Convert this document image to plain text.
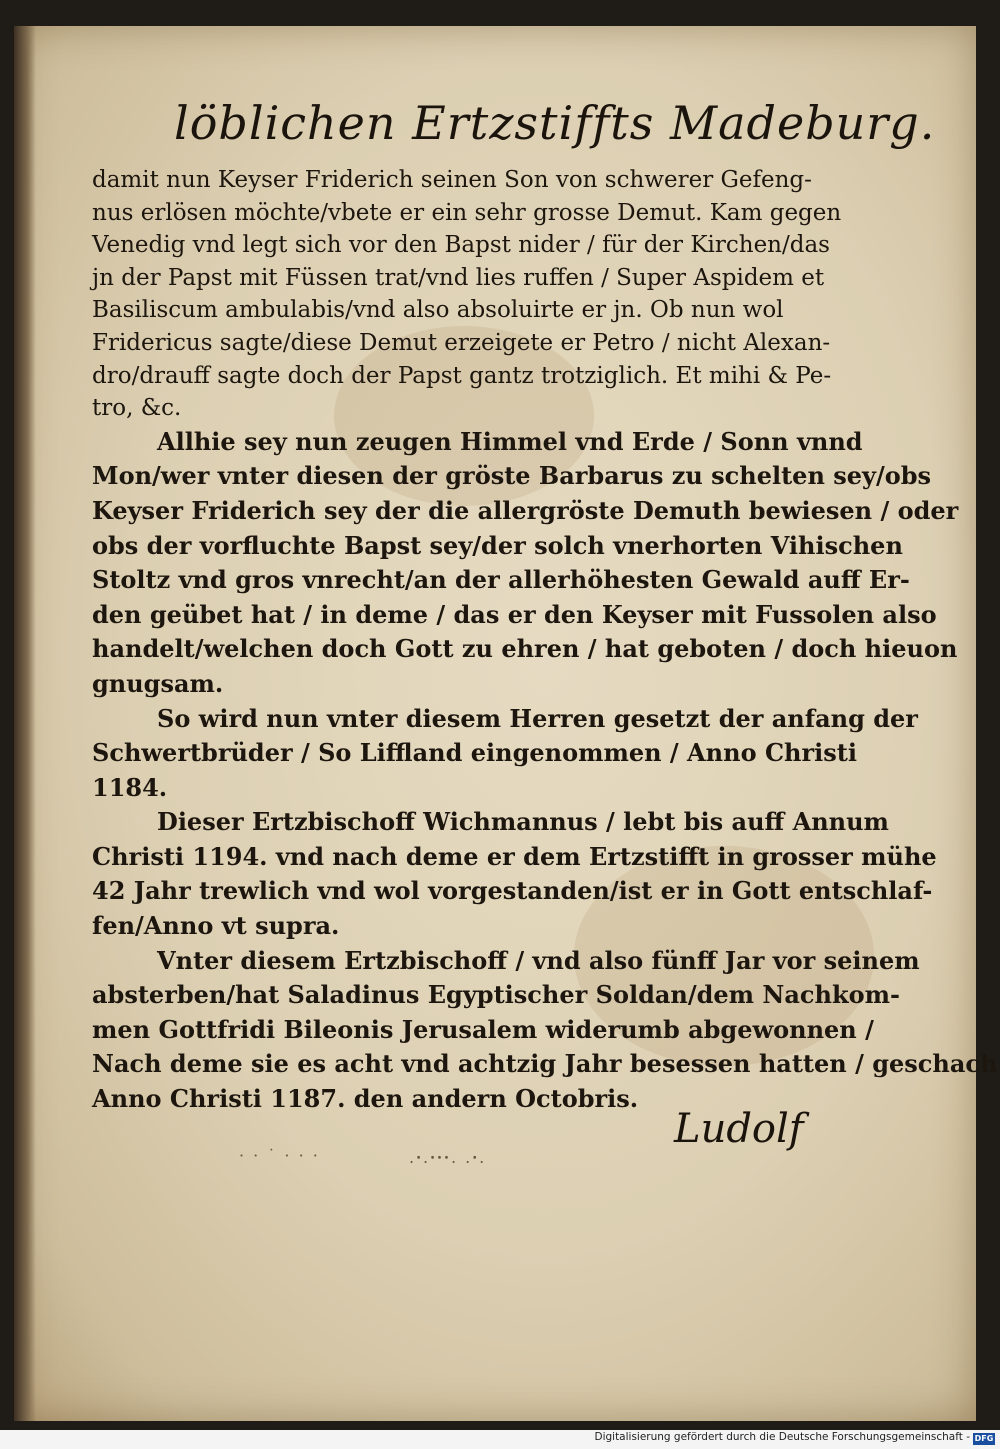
löblichen Ertzstiffts Madeburg.
damit nun Keyser Friderich seinen Son von schwerer Gefeng-
nus erlösen möchte/vbete er ein sehr grosse Demut. Kam gegen
Venedig vnd legt sich vor den Bapst nider / für der Kirchen/das
jn der Papst mit Füssen trat/vnd lies ruffen / Super Aspidem et
Basiliscum ambulabis/vnd also absoluirte er jn. Ob nun wol
Fridericus sagte/diese Demut erzeigete er Petro / nicht Alexan-
dro/drauff sagte doch der Papst gantz trotziglich. Et mihi & Pe-
tro, &c.
Allhie sey nun zeugen Himmel vnd Erde / Sonn vnnd
Mon/wer vnter diesen der gröste Barbarus zu schelten sey/obs
Keyser Friderich sey der die allergröste Demuth bewiesen / oder
obs der vorfluchte Bapst sey/der solch vnerhorten Vihischen
Stoltz vnd gros vnrecht/an der allerhöhesten Gewald auff Er-
den geübet hat / in deme / das er den Keyser mit Fussolen also
handelt/welchen doch Gott zu ehren / hat geboten / doch hieuon
gnugsam.
So wird nun vnter diesem Herren gesetzt der anfang der
Schwertbrüder / So Liffland eingenommen / Anno Christi
1184.
Dieser Ertzbischoff Wichmannus / lebt bis auff Annum
Christi 1194. vnd nach deme er dem Ertzstifft in grosser mühe
42 Jahr trewlich vnd wol vorgestanden/ist er in Gott entschlaf-
fen/Anno vt supra.
Vnter diesem Ertzbischoff / vnd also fünff Jar vor seinem
absterben/hat Saladinus Egyptischer Soldan/dem Nachkom-
men Gottfridi Bileonis Jerusalem widerumb abgewonnen /
Nach deme sie es acht vnd achtzig Jahr besessen hatten / geschach
Anno Christi 1187. den andern Octobris.
Ludolf
· · ˙ · · ·	.ꞏ.ꞏꞏꞏ. .ꞏ.
Digitalisierung gefördert durch die Deutsche Forschungsgemeinschaft - DFG
